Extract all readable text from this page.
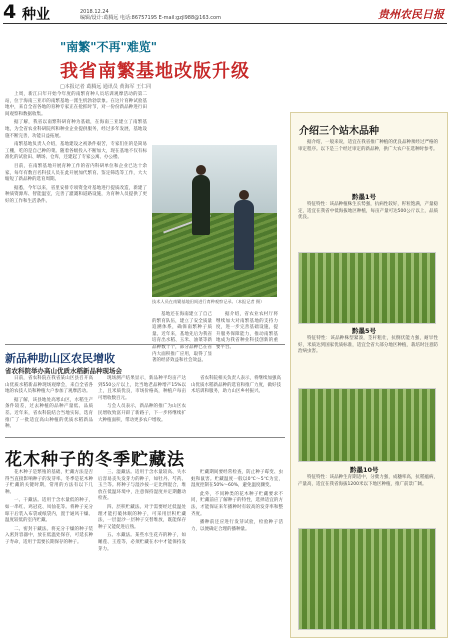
4 种业	2018.12.24
编辑/设计:葛腾远 电话:86757195 E-mail:gzjl988@163.com	贵州农民日报
"南繁"不再"难览"
我省南繁基地改版升级
□本报记者 葛腾远 通讯员 黄海军 王仁同

上周，新江日年开始今年度的南繁育种人员培训观摩活动的第二站，位于海南三亚市的南繁基地一派生机勃勃景象。在这片育种试验基地中，来自全省各地的育种专家正在抢抓时节，对一份份新品种进行田间观察和数据收集。

据了解，我省以南繁科研育种为基础，在海南三亚建立了南繁基地，为全省农业科研院所和种业企业提供服务，经过多年发展，基地设施不断完善，功能日益拓展。

南繁基地负责人介绍，基地建设之初条件艰苦，专家们住的是简易工棚，吃的是自己种的菜。随着各级投入不断加大，现在基地不仅有标准化的试验田、晒场、仓库，还建起了专家公寓、办公楼。

目前，在南繁基地开展育种工作的省内科研单位和企业已达十余家，每年有数百名科技人员在此开展加代繁育、鉴定筛选等工作，大大缩短了新品种的选育周期。

据悉，今年以来，省里安排专项资金对基地进行提质改造，新建了种质资源库、智能温室，完善了灌溉和道路设施，为育种人员提供了更好的工作和生活条件。

技术人员在南繁基地田间进行育种观察记录。（本报记者 摄）

基地还在海南建立了自己的繁育队伍，建立了安全质量追溯体系，确保南繁种子质量。近年来，基地先后为我省培育出水稻、玉米、油菜等新品种数十个，部分品种已在省内大面积推广应用，取得了显著的经济效益和社会效益。

据介绍，省农业农村厅将继续加大对南繁基地的支持力度，进一步完善基础设施，提升服务保障能力，推动南繁基地成为我省种业科技创新的重要平台。

介绍三个站木品种

据介绍，一般来说，适宜在我省推广种植的优良品种须经过严格的审定程序。以下是三个经过审定的新品种，供广大农户在选种时参考。

黔墨1号

特征特性：该品种植株生长势强，抗病性较好，籽粒饱满，产量稳定，适宜在我省中低海拔地区种植，每亩产量可达500公斤以上，品质优良。

黔墨5号

特征特性：该品种株型紧凑，茎秆粗壮，抗倒伏能力强，耐旱性好，米质达到国家优质标准，适宜全省大部分地区种植，栽培时注意防治病虫害。

黔墨10号

特征特性：该品种生育期适中，分蘖力强，成穗率高，抗稻瘟病，产量高，适宜在我省海拔1200米以下地区种植，推广前景广阔。

新品种助山区农民增收
省农科院举办高山优质水稻新品种现场会

日前，省农科院在我省某山区县召开高山优质水稻新品种现场观摩会，来自全省各地的农技人员和种植大户参加了观摩活动。

据了解，该县地处高寒山区，水稻生产条件较差，过去种植的品种产量低、品质差。近年来，省农科院结合当地实际，选育推广了一批适宜高山种植的优质水稻新品种。

现场测产结果显示，新品种平均亩产达到550公斤以上，比当地老品种增产15%以上，且米质优良，市场价格高，种植户每亩可增收数百元。

与会人员表示，新品种的推广为山区农民增收致富开辟了新路子，下一步将继续扩大种植面积，带动更多农户增收。

省农科院相关负责人表示，将继续加强高山优质水稻新品种的选育和推广力度，做好技术培训和服务，助力山区乡村振兴。

花木种子的冬季贮藏法

花木种子是繁殖的基础，贮藏方法是否得当直接影响种子的发芽率。冬季是花木种子贮藏的关键时期，常用的方法有以下几种。

一、干藏法。适用于含水量低的种子，如一串红、鸡冠花、凤仙花等。将种子充分晾干后装入布袋或纸袋内，置于通风干燥、温度较低的室内贮藏。

二、密封干藏法。将充分干燥的种子装入密封容器中，放在低温处保存，可延长种子寿命，适用于需要长期保存的种子。

三、湿藏法。适用于含水量较高、失水后容易丧失发芽力的种子，如牡丹、芍药、玉兰等。将种子与湿沙按一定比例混合，堆放在低温环境中，注意保持湿度并定期翻动检查。

四、层积贮藏法。对于需要经过低温处理才能打破休眠的种子，可采用层积贮藏法，一层湿沙一层种子交替堆放，既能保存种子又能促进后熟。

五、水藏法。某些水生花卉的种子，如睡莲、王莲等，必须贮藏在水中才能保持发芽力。

贮藏期间要经常检查，防止种子霉变、虫蛀和鼠害。贮藏温度一般以0℃～5℃为宜，湿度控制在50%～60%，避免温度骤变。

此外，不同种类的花木种子贮藏要求不同，贮藏前应了解种子的特性，选择适宜的方法，才能保证来年播种时有较高的发芽率和整齐度。

播种前还应进行发芽试验，检验种子活力，以便确定合理的播种量。
